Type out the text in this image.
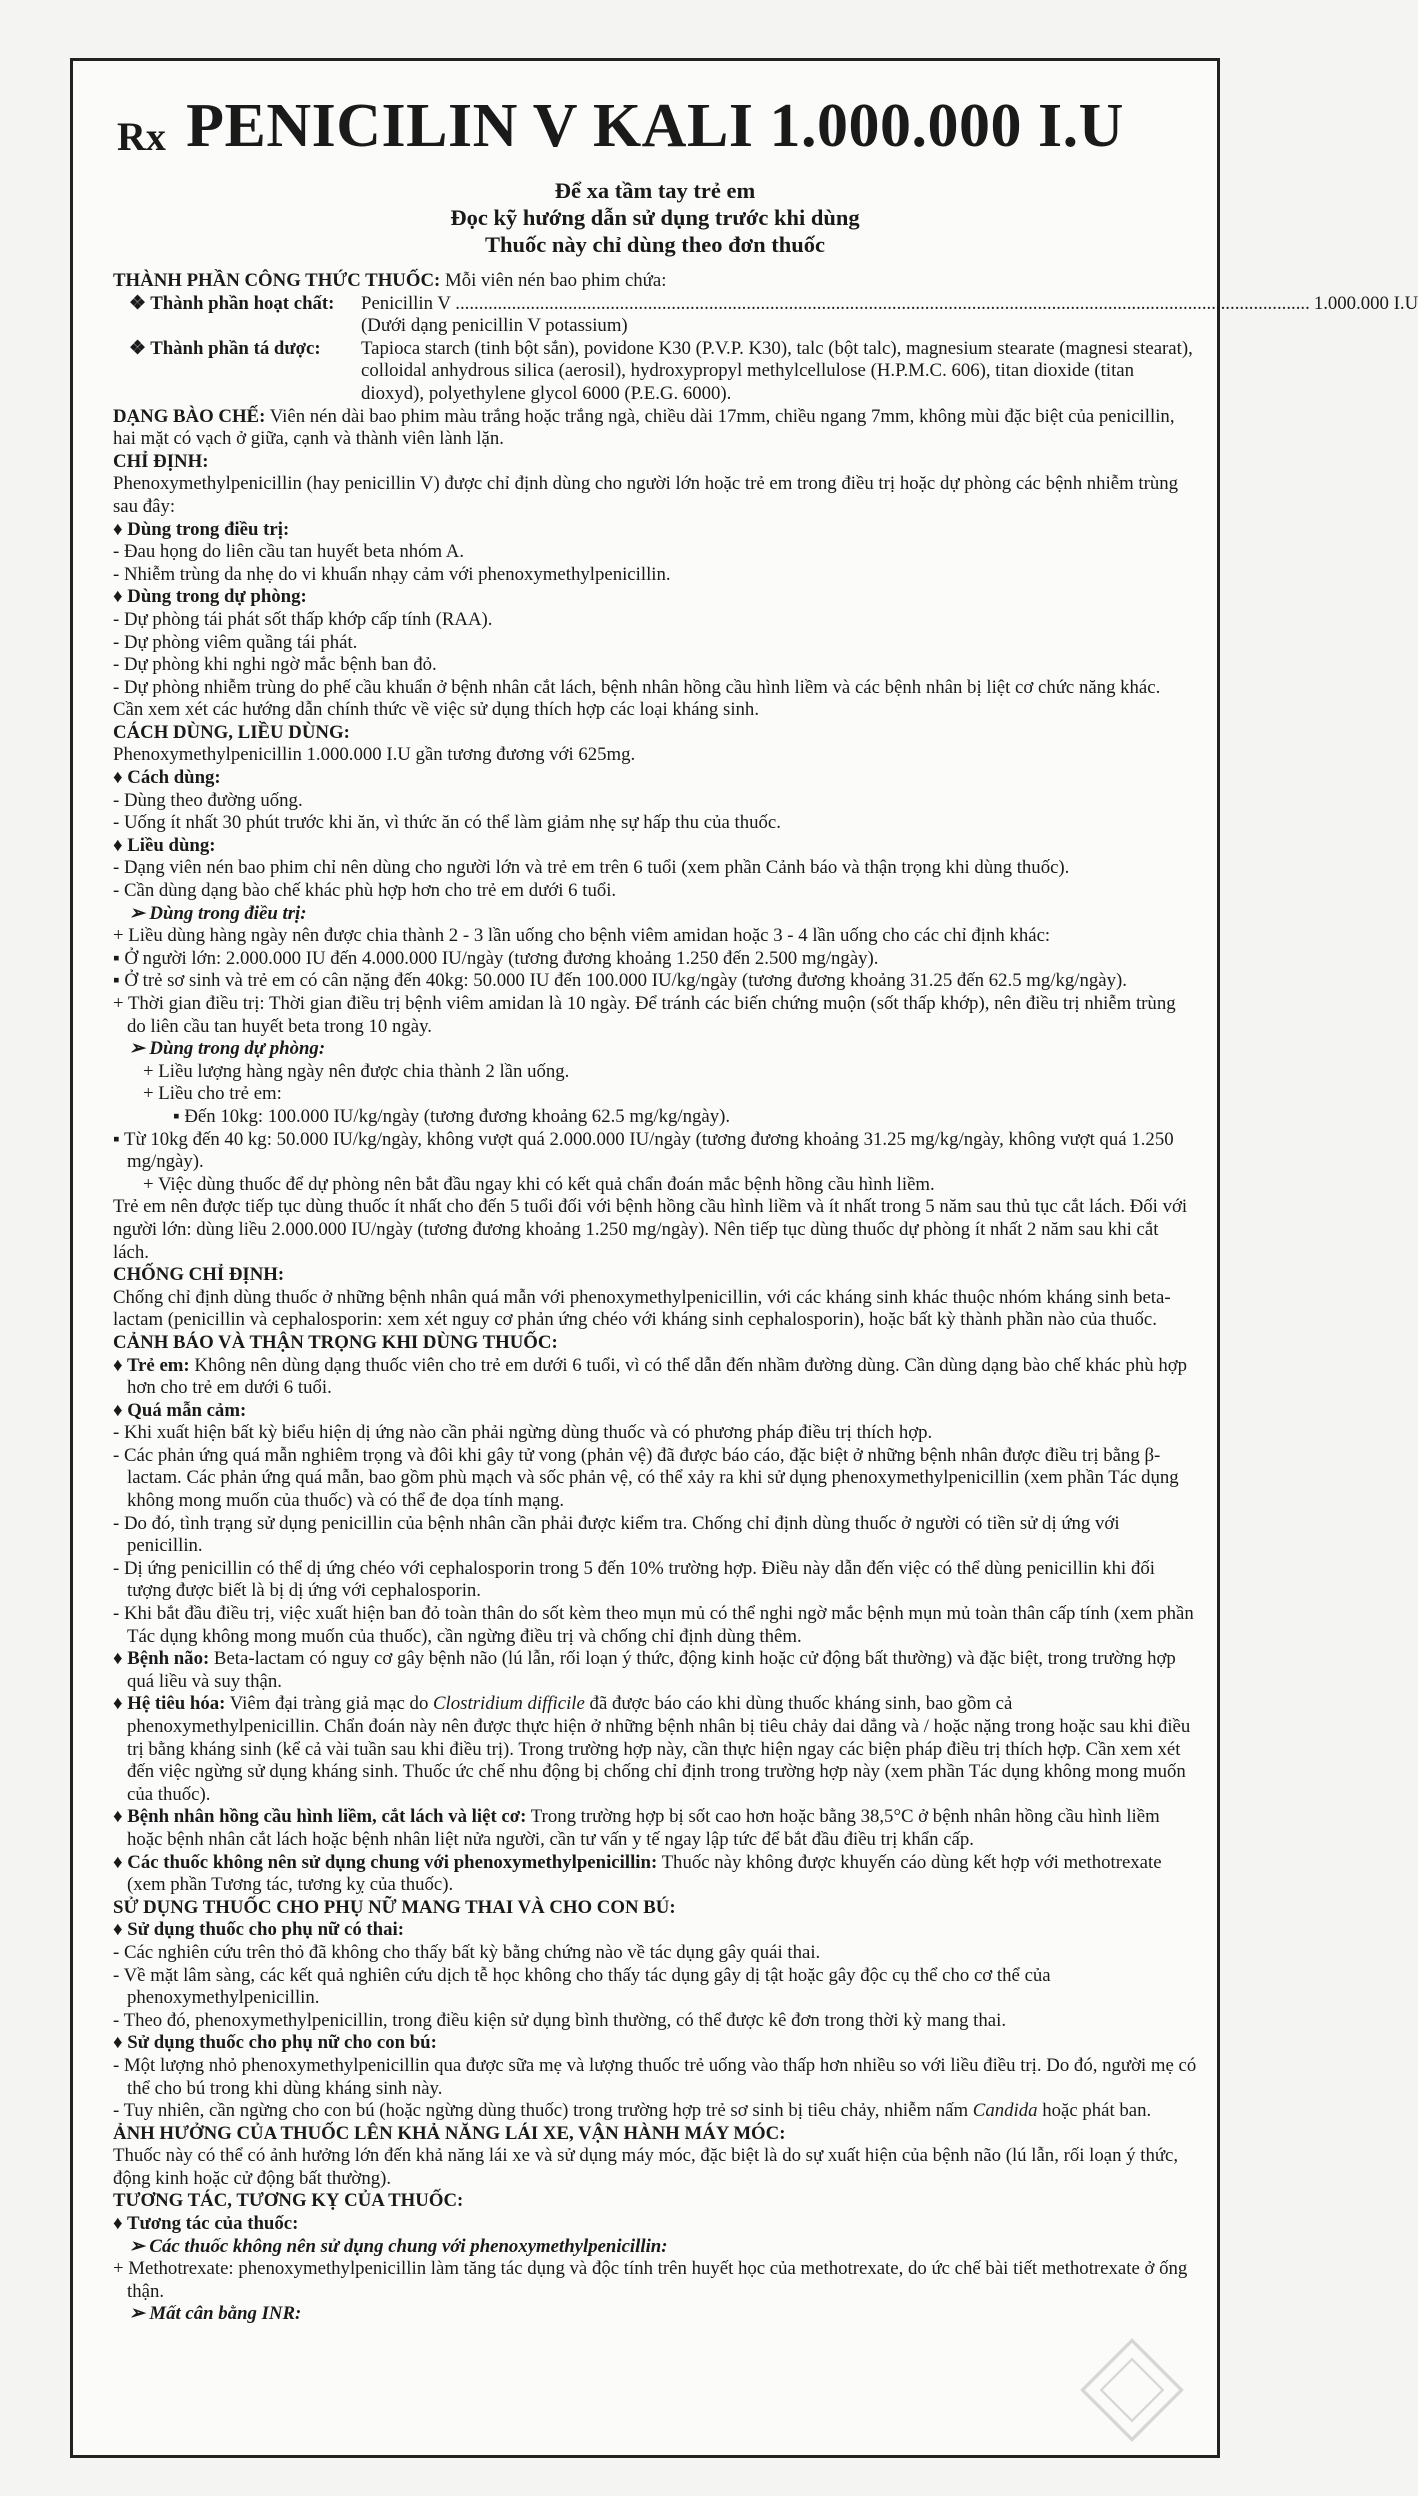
Rx PENICILIN V KALI 1.000.000 I.U
Để xa tầm tay trẻ em
Đọc kỹ hướng dẫn sử dụng trước khi dùng
Thuốc này chỉ dùng theo đơn thuốc

THÀNH PHẦN CÔNG THỨC THUỐC: Mỗi viên nén bao phim chứa:

❖ Thành phần hoạt chất:	Penicillin V ...................................................................................................................................................................................... 1.000.000 I.U
(Dưới dạng penicillin V potassium)
❖ Thành phần tá dược:	Tapioca starch (tinh bột sắn), povidone K30 (P.V.P. K30), talc (bột talc), magnesium stearate (magnesi stearat), colloidal anhydrous silica (aerosil), hydroxypropyl methylcellulose (H.P.M.C. 606), titan dioxide (titan dioxyd), polyethylene glycol 6000 (P.E.G. 6000).

DẠNG BÀO CHẾ: Viên nén dài bao phim màu trắng hoặc trắng ngà, chiều dài 17mm, chiều ngang 7mm, không mùi đặc biệt của penicillin, hai mặt có vạch ở giữa, cạnh và thành viên lành lặn.

CHỈ ĐỊNH:

Phenoxymethylpenicillin (hay penicillin V) được chỉ định dùng cho người lớn hoặc trẻ em trong điều trị hoặc dự phòng các bệnh nhiễm trùng sau đây:

♦ Dùng trong điều trị:

- Đau họng do liên cầu tan huyết beta nhóm A.

- Nhiễm trùng da nhẹ do vi khuẩn nhạy cảm với phenoxymethylpenicillin.

♦ Dùng trong dự phòng:

- Dự phòng tái phát sốt thấp khớp cấp tính (RAA).

- Dự phòng viêm quầng tái phát.

- Dự phòng khi nghi ngờ mắc bệnh ban đỏ.

- Dự phòng nhiễm trùng do phế cầu khuẩn ở bệnh nhân cắt lách, bệnh nhân hồng cầu hình liềm và các bệnh nhân bị liệt cơ chức năng khác.

Cần xem xét các hướng dẫn chính thức về việc sử dụng thích hợp các loại kháng sinh.

CÁCH DÙNG, LIỀU DÙNG:

Phenoxymethylpenicillin 1.000.000 I.U gần tương đương với 625mg.

♦ Cách dùng:

- Dùng theo đường uống.

- Uống ít nhất 30 phút trước khi ăn, vì thức ăn có thể làm giảm nhẹ sự hấp thu của thuốc.

♦ Liều dùng:

- Dạng viên nén bao phim chỉ nên dùng cho người lớn và trẻ em trên 6 tuổi (xem phần Cảnh báo và thận trọng khi dùng thuốc).

- Cần dùng dạng bào chế khác phù hợp hơn cho trẻ em dưới 6 tuổi.

➢ Dùng trong điều trị:

+ Liều dùng hàng ngày nên được chia thành 2 - 3 lần uống cho bệnh viêm amidan hoặc 3 - 4 lần uống cho các chỉ định khác:

▪ Ở người lớn: 2.000.000 IU đến 4.000.000 IU/ngày (tương đương khoảng 1.250 đến 2.500 mg/ngày).

▪ Ở trẻ sơ sinh và trẻ em có cân nặng đến 40kg: 50.000 IU đến 100.000 IU/kg/ngày (tương đương khoảng 31.25 đến 62.5 mg/kg/ngày).

+ Thời gian điều trị: Thời gian điều trị bệnh viêm amidan là 10 ngày. Để tránh các biến chứng muộn (sốt thấp khớp), nên điều trị nhiễm trùng do liên cầu tan huyết beta trong 10 ngày.

➢ Dùng trong dự phòng:

+ Liều lượng hàng ngày nên được chia thành 2 lần uống.

+ Liều cho trẻ em:

▪ Đến 10kg: 100.000 IU/kg/ngày (tương đương khoảng 62.5 mg/kg/ngày).

▪ Từ 10kg đến 40 kg: 50.000 IU/kg/ngày, không vượt quá 2.000.000 IU/ngày (tương đương khoảng 31.25 mg/kg/ngày, không vượt quá 1.250 mg/ngày).

+ Việc dùng thuốc để dự phòng nên bắt đầu ngay khi có kết quả chẩn đoán mắc bệnh hồng cầu hình liềm.

Trẻ em nên được tiếp tục dùng thuốc ít nhất cho đến 5 tuổi đối với bệnh hồng cầu hình liềm và ít nhất trong 5 năm sau thủ tục cắt lách. Đối với người lớn: dùng liều 2.000.000 IU/ngày (tương đương khoảng 1.250 mg/ngày). Nên tiếp tục dùng thuốc dự phòng ít nhất 2 năm sau khi cắt lách.

CHỐNG CHỈ ĐỊNH:

Chống chỉ định dùng thuốc ở những bệnh nhân quá mẫn với phenoxymethylpenicillin, với các kháng sinh khác thuộc nhóm kháng sinh beta-lactam (penicillin và cephalosporin: xem xét nguy cơ phản ứng chéo với kháng sinh cephalosporin), hoặc bất kỳ thành phần nào của thuốc.

CẢNH BÁO VÀ THẬN TRỌNG KHI DÙNG THUỐC:

♦ Trẻ em: Không nên dùng dạng thuốc viên cho trẻ em dưới 6 tuổi, vì có thể dẫn đến nhầm đường dùng. Cần dùng dạng bào chế khác phù hợp hơn cho trẻ em dưới 6 tuổi.

♦ Quá mẫn cảm:

- Khi xuất hiện bất kỳ biểu hiện dị ứng nào cần phải ngừng dùng thuốc và có phương pháp điều trị thích hợp.

- Các phản ứng quá mẫn nghiêm trọng và đôi khi gây tử vong (phản vệ) đã được báo cáo, đặc biệt ở những bệnh nhân được điều trị bằng β-lactam. Các phản ứng quá mẫn, bao gồm phù mạch và sốc phản vệ, có thể xảy ra khi sử dụng phenoxymethylpenicillin (xem phần Tác dụng không mong muốn của thuốc) và có thể đe dọa tính mạng.

- Do đó, tình trạng sử dụng penicillin của bệnh nhân cần phải được kiểm tra. Chống chỉ định dùng thuốc ở người có tiền sử dị ứng với penicillin.

- Dị ứng penicillin có thể dị ứng chéo với cephalosporin trong 5 đến 10% trường hợp. Điều này dẫn đến việc có thể dùng penicillin khi đối tượng được biết là bị dị ứng với cephalosporin.

- Khi bắt đầu điều trị, việc xuất hiện ban đỏ toàn thân do sốt kèm theo mụn mủ có thể nghi ngờ mắc bệnh mụn mủ toàn thân cấp tính (xem phần Tác dụng không mong muốn của thuốc), cần ngừng điều trị và chống chỉ định dùng thêm.

♦ Bệnh não: Beta-lactam có nguy cơ gây bệnh não (lú lẫn, rối loạn ý thức, động kinh hoặc cử động bất thường) và đặc biệt, trong trường hợp quá liều và suy thận.

♦ Hệ tiêu hóa: Viêm đại tràng giả mạc do Clostridium difficile đã được báo cáo khi dùng thuốc kháng sinh, bao gồm cả phenoxymethylpenicillin. Chẩn đoán này nên được thực hiện ở những bệnh nhân bị tiêu chảy dai dẳng và / hoặc nặng trong hoặc sau khi điều trị bằng kháng sinh (kể cả vài tuần sau khi điều trị). Trong trường hợp này, cần thực hiện ngay các biện pháp điều trị thích hợp. Cần xem xét đến việc ngừng sử dụng kháng sinh. Thuốc ức chế nhu động bị chống chỉ định trong trường hợp này (xem phần Tác dụng không mong muốn của thuốc).

♦ Bệnh nhân hồng cầu hình liềm, cắt lách và liệt cơ: Trong trường hợp bị sốt cao hơn hoặc bằng 38,5°C ở bệnh nhân hồng cầu hình liềm hoặc bệnh nhân cắt lách hoặc bệnh nhân liệt nửa người, cần tư vấn y tế ngay lập tức để bắt đầu điều trị khẩn cấp.

♦ Các thuốc không nên sử dụng chung với phenoxymethylpenicillin: Thuốc này không được khuyến cáo dùng kết hợp với methotrexate (xem phần Tương tác, tương kỵ của thuốc).

SỬ DỤNG THUỐC CHO PHỤ NỮ MANG THAI VÀ CHO CON BÚ:

♦ Sử dụng thuốc cho phụ nữ có thai:

- Các nghiên cứu trên thỏ đã không cho thấy bất kỳ bằng chứng nào về tác dụng gây quái thai.

- Về mặt lâm sàng, các kết quả nghiên cứu dịch tễ học không cho thấy tác dụng gây dị tật hoặc gây độc cụ thể cho cơ thể của phenoxymethylpenicillin.

- Theo đó, phenoxymethylpenicillin, trong điều kiện sử dụng bình thường, có thể được kê đơn trong thời kỳ mang thai.

♦ Sử dụng thuốc cho phụ nữ cho con bú:

- Một lượng nhỏ phenoxymethylpenicillin qua được sữa mẹ và lượng thuốc trẻ uống vào thấp hơn nhiều so với liều điều trị. Do đó, người mẹ có thể cho bú trong khi dùng kháng sinh này.

- Tuy nhiên, cần ngừng cho con bú (hoặc ngừng dùng thuốc) trong trường hợp trẻ sơ sinh bị tiêu chảy, nhiễm nấm Candida hoặc phát ban.

ẢNH HƯỞNG CỦA THUỐC LÊN KHẢ NĂNG LÁI XE, VẬN HÀNH MÁY MÓC:

Thuốc này có thể có ảnh hưởng lớn đến khả năng lái xe và sử dụng máy móc, đặc biệt là do sự xuất hiện của bệnh não (lú lẫn, rối loạn ý thức, động kinh hoặc cử động bất thường).

TƯƠNG TÁC, TƯƠNG KỴ CỦA THUỐC:

♦ Tương tác của thuốc:

➢ Các thuốc không nên sử dụng chung với phenoxymethylpenicillin:

+ Methotrexate: phenoxymethylpenicillin làm tăng tác dụng và độc tính trên huyết học của methotrexate, do ức chế bài tiết methotrexate ở ống thận.

➢ Mất cân bằng INR:
